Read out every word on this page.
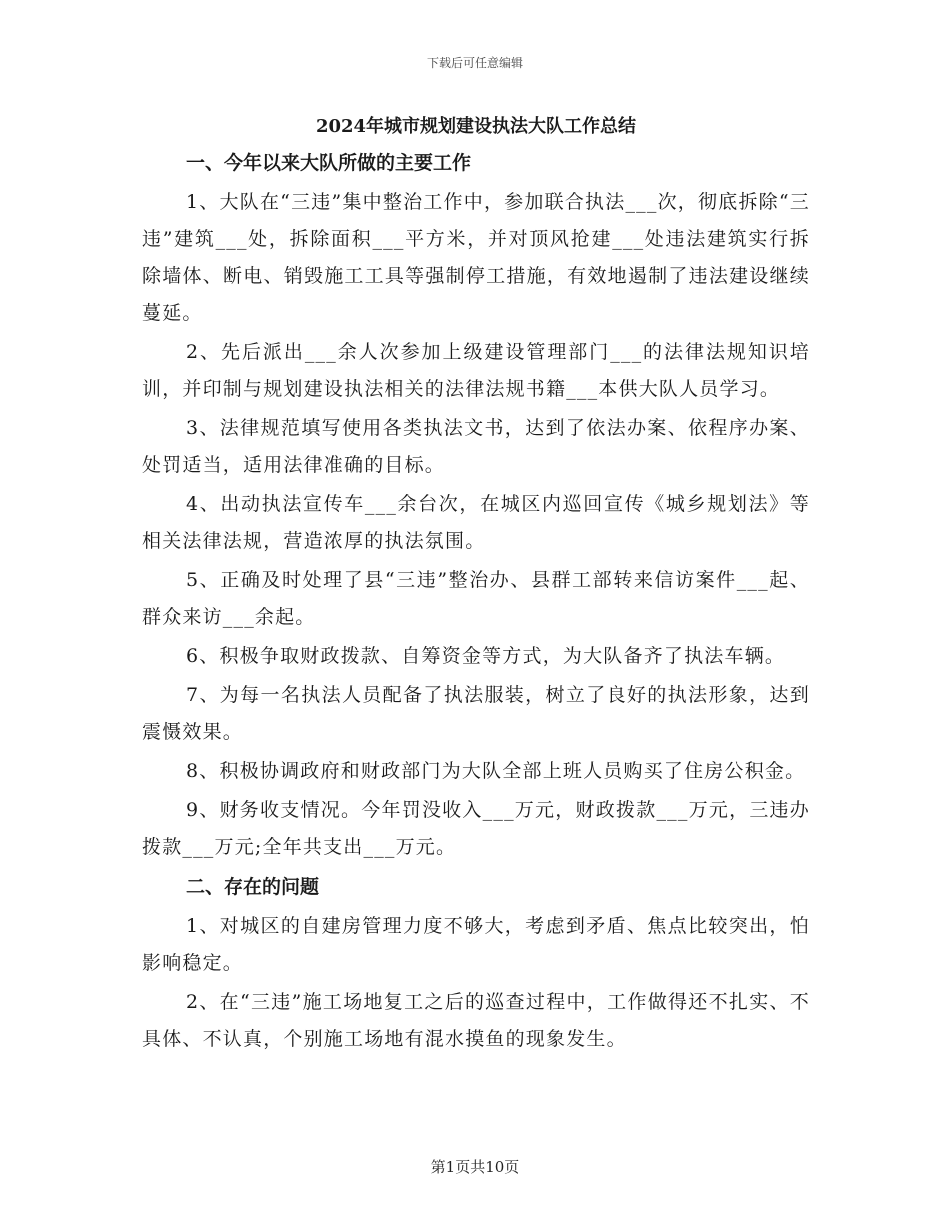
下载后可任意编辑
2024年城市规划建设执法大队工作总结
一、今年以来大队所做的主要工作

1、大队在“三违”集中整治工作中，参加联合执法___次，彻底拆除“三违”建筑___处，拆除面积___平方米，并对顶风抢建___处违法建筑实行拆除墙体、断电、销毁施工工具等强制停工措施，有效地遏制了违法建设继续蔓延。

2、先后派出___余人次参加上级建设管理部门___的法律法规知识培训，并印制与规划建设执法相关的法律法规书籍___本供大队人员学习。

3、法律规范填写使用各类执法文书，达到了依法办案、依程序办案、处罚适当，适用法律准确的目标。

4、出动执法宣传车___余台次，在城区内巡回宣传《城乡规划法》等相关法律法规，营造浓厚的执法氛围。

5、正确及时处理了县“三违”整治办、县群工部转来信访案件___起、群众来访___余起。

6、积极争取财政拨款、自筹资金等方式，为大队备齐了执法车辆。

7、为每一名执法人员配备了执法服装，树立了良好的执法形象，达到震慑效果。

8、积极协调政府和财政部门为大队全部上班人员购买了住房公积金。

9、财务收支情况。今年罚没收入___万元，财政拨款___万元，三违办拨款___万元;全年共支出___万元。

二、存在的问题

1、对城区的自建房管理力度不够大，考虑到矛盾、焦点比较突出，怕影响稳定。

2、在“三违”施工场地复工之后的巡查过程中，工作做得还不扎实、不具体、不认真，个别施工场地有混水摸鱼的现象发生。

第1页共10页
